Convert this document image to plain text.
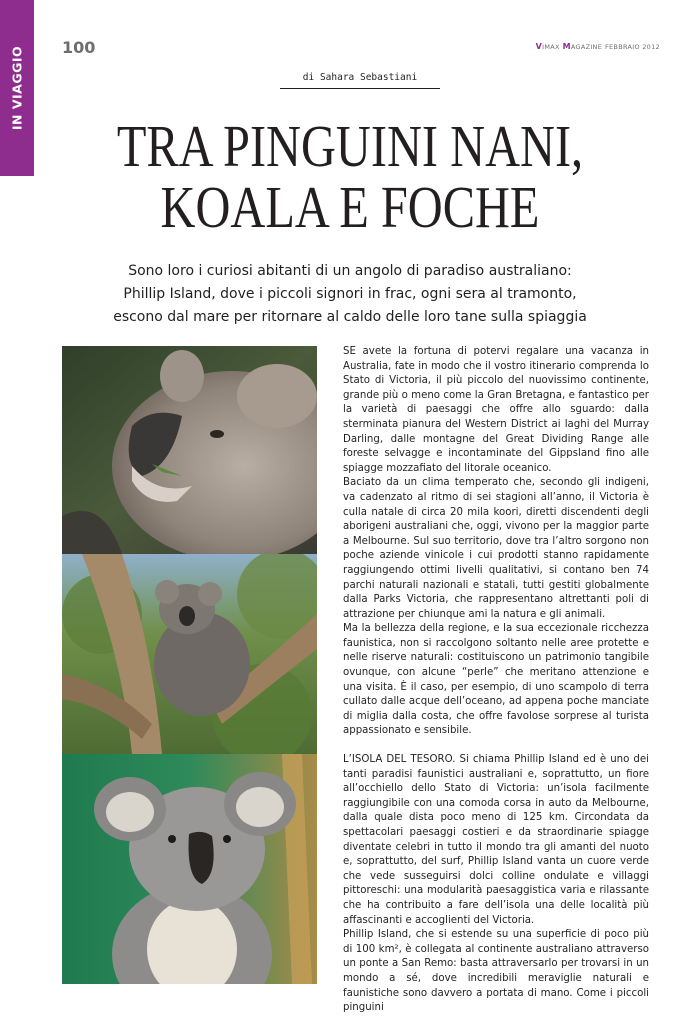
IN VIAGGIO 100	VIMAX MAGAZINE FEBBRAIO 2012
di Sahara Sebastiani
TRA PINGUINI NANI,
KOALA E FOCHE
Sono loro i curiosi abitanti di un angolo di paradiso australiano:
Phillip Island, dove i piccoli signori in frac, ogni sera al tramonto,
escono dal mare per ritornare al caldo delle loro tane sulla spiaggia

SE avete la fortuna di potervi regalare una vacanza in Australia, fate in modo che il vostro itinerario comprenda lo Stato di Victoria, il più piccolo del nuovissimo continente, grande più o meno come la Gran Bretagna, e fantastico per la varietà di paesaggi che offre allo sguardo: dalla sterminata pianura del Western District ai laghi del Murray Darling, dalle montagne del Great Dividing Range alle foreste selvagge e incontaminate del Gippsland fino alle spiagge mozzafiato del litorale oceanico.

Baciato da un clima temperato che, secondo gli indigeni, va cadenzato al ritmo di sei stagioni all’anno, il Victoria è culla natale di circa 20 mila koori, diretti discendenti degli aborigeni australiani che, oggi, vivono per la maggior parte a Melbourne. Sul suo territorio, dove tra l’altro sorgono non poche aziende vinicole i cui prodotti stanno rapidamente raggiungendo ottimi livelli qualitativi, si contano ben 74 parchi naturali nazionali e statali, tutti gestiti globalmente dalla Parks Victoria, che rappresentano altrettanti poli di attrazione per chiunque ami la natura e gli animali.

Ma la bellezza della regione, e la sua eccezionale ricchezza faunistica, non si raccolgono soltanto nelle aree protette e nelle riserve naturali: costituiscono un patrimonio tangibile ovunque, con alcune “perle” che meritano attenzione e una visita. È il caso, per esempio, di uno scampolo di terra cullato dalle acque dell’oceano, ad appena poche manciate di miglia dalla costa, che offre favolose sorprese al turista appassionato e sensibile.

L’ISOLA DEL TESORO. Si chiama Phillip Island ed è uno dei tanti paradisi faunistici australiani e, soprattutto, un fiore all’occhiello dello Stato di Victoria: un’isola facilmente raggiungibile con una comoda corsa in auto da Melbourne, dalla quale dista poco meno di 125 km. Circondata da spettacolari paesaggi costieri e da straordinarie spiagge diventate celebri in tutto il mondo tra gli amanti del nuoto e, soprattutto, del surf, Phillip Island vanta un cuore verde che vede susseguirsi dolci colline ondulate e villaggi pittoreschi: una modularità paesaggistica varia e rilassante che ha contribuito a fare dell’isola una delle località più affascinanti e accoglienti del Victoria.

Phillip Island, che si estende su una superficie di poco più di 100 km², è collegata al continente australiano attraverso un ponte a San Remo: basta attraversarlo per trovarsi in un mondo a sé, dove incredibili meraviglie naturali e faunistiche sono davvero a portata di mano. Come i piccoli pinguini
